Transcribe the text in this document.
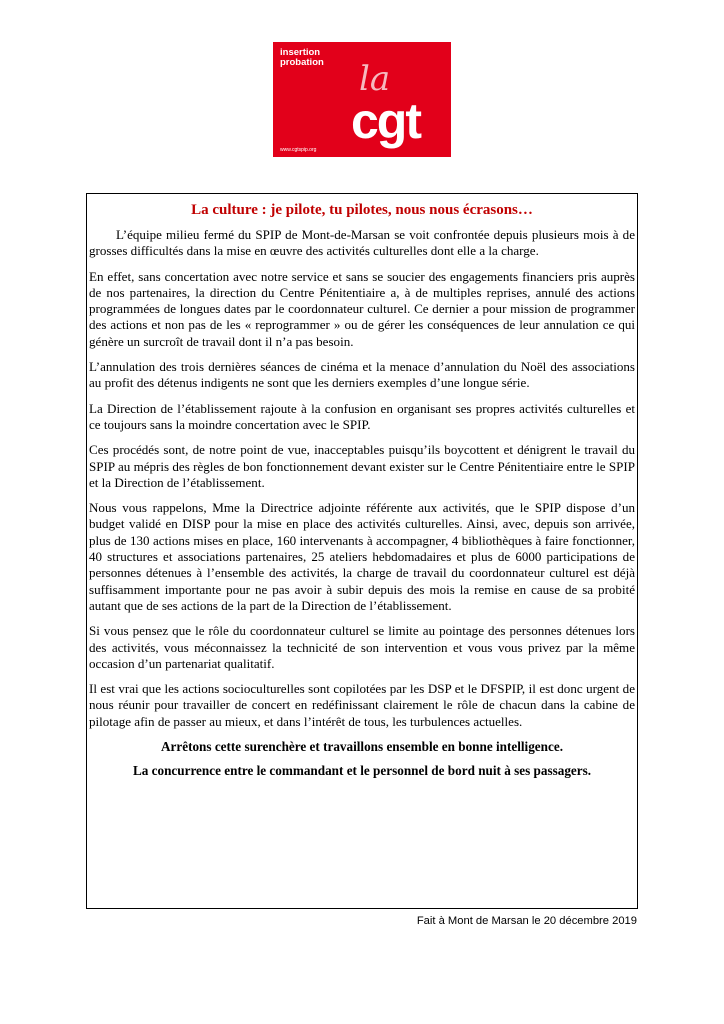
insertion
probation la
cgt
www.cgtspip.org
La culture : je pilote, tu pilotes, nous nous écrasons…

L’équipe milieu fermé du SPIP de Mont-de-Marsan se voit confrontée depuis plusieurs mois à de grosses difficultés dans la mise en œuvre des activités culturelles dont elle a la charge.

En effet, sans concertation avec notre service et sans se soucier des engagements financiers pris auprès de nos partenaires, la direction du Centre Pénitentiaire a, à de multiples reprises, annulé des actions programmées de longues dates par le coordonnateur culturel. Ce dernier a pour mission de programmer des actions et non pas de les « reprogrammer » ou de gérer les conséquences de leur annulation ce qui génère un surcroît de travail dont il n’a pas besoin.

L’annulation des trois dernières séances de cinéma et la menace d’annulation du Noël des associations au profit des détenus indigents ne sont que les derniers exemples d’une longue série.

La Direction de l’établissement rajoute à la confusion en organisant ses propres activités culturelles et ce toujours sans la moindre concertation avec le SPIP.

Ces procédés sont, de notre point de vue, inacceptables puisqu’ils boycottent et dénigrent le travail du SPIP au mépris des règles de bon fonctionnement devant exister sur le Centre Pénitentiaire entre le SPIP et la Direction de l’établissement.

Nous vous rappelons, Mme la Directrice adjointe référente aux activités, que le SPIP dispose d’un budget validé en DISP pour la mise en place des activités culturelles. Ainsi, avec, depuis son arrivée, plus de 130 actions mises en place, 160 intervenants à accompagner, 4 bibliothèques à faire fonctionner, 40 structures et associations partenaires, 25 ateliers hebdomadaires et plus de 6000 participations de personnes détenues à l’ensemble des activités, la charge de travail du coordonnateur culturel est déjà suffisamment importante pour ne pas avoir à subir depuis des mois la remise en cause de sa probité autant que de ses actions de la part de la Direction de l’établissement.

Si vous pensez que le rôle du coordonnateur culturel se limite au pointage des personnes détenues lors des activités, vous méconnaissez la technicité de son intervention et vous vous privez par la même occasion d’un partenariat qualitatif.

Il est vrai que les actions socioculturelles sont copilotées par les DSP et le DFSPIP, il est donc urgent de nous réunir pour travailler de concert en redéfinissant clairement le rôle de chacun dans la cabine de pilotage afin de passer au mieux, et dans l’intérêt de tous, les turbulences actuelles.

Arrêtons cette surenchère et travaillons ensemble en bonne intelligence.

La concurrence entre le commandant et le personnel de bord nuit à ses passagers.

Fait à Mont de Marsan le 20 décembre 2019
